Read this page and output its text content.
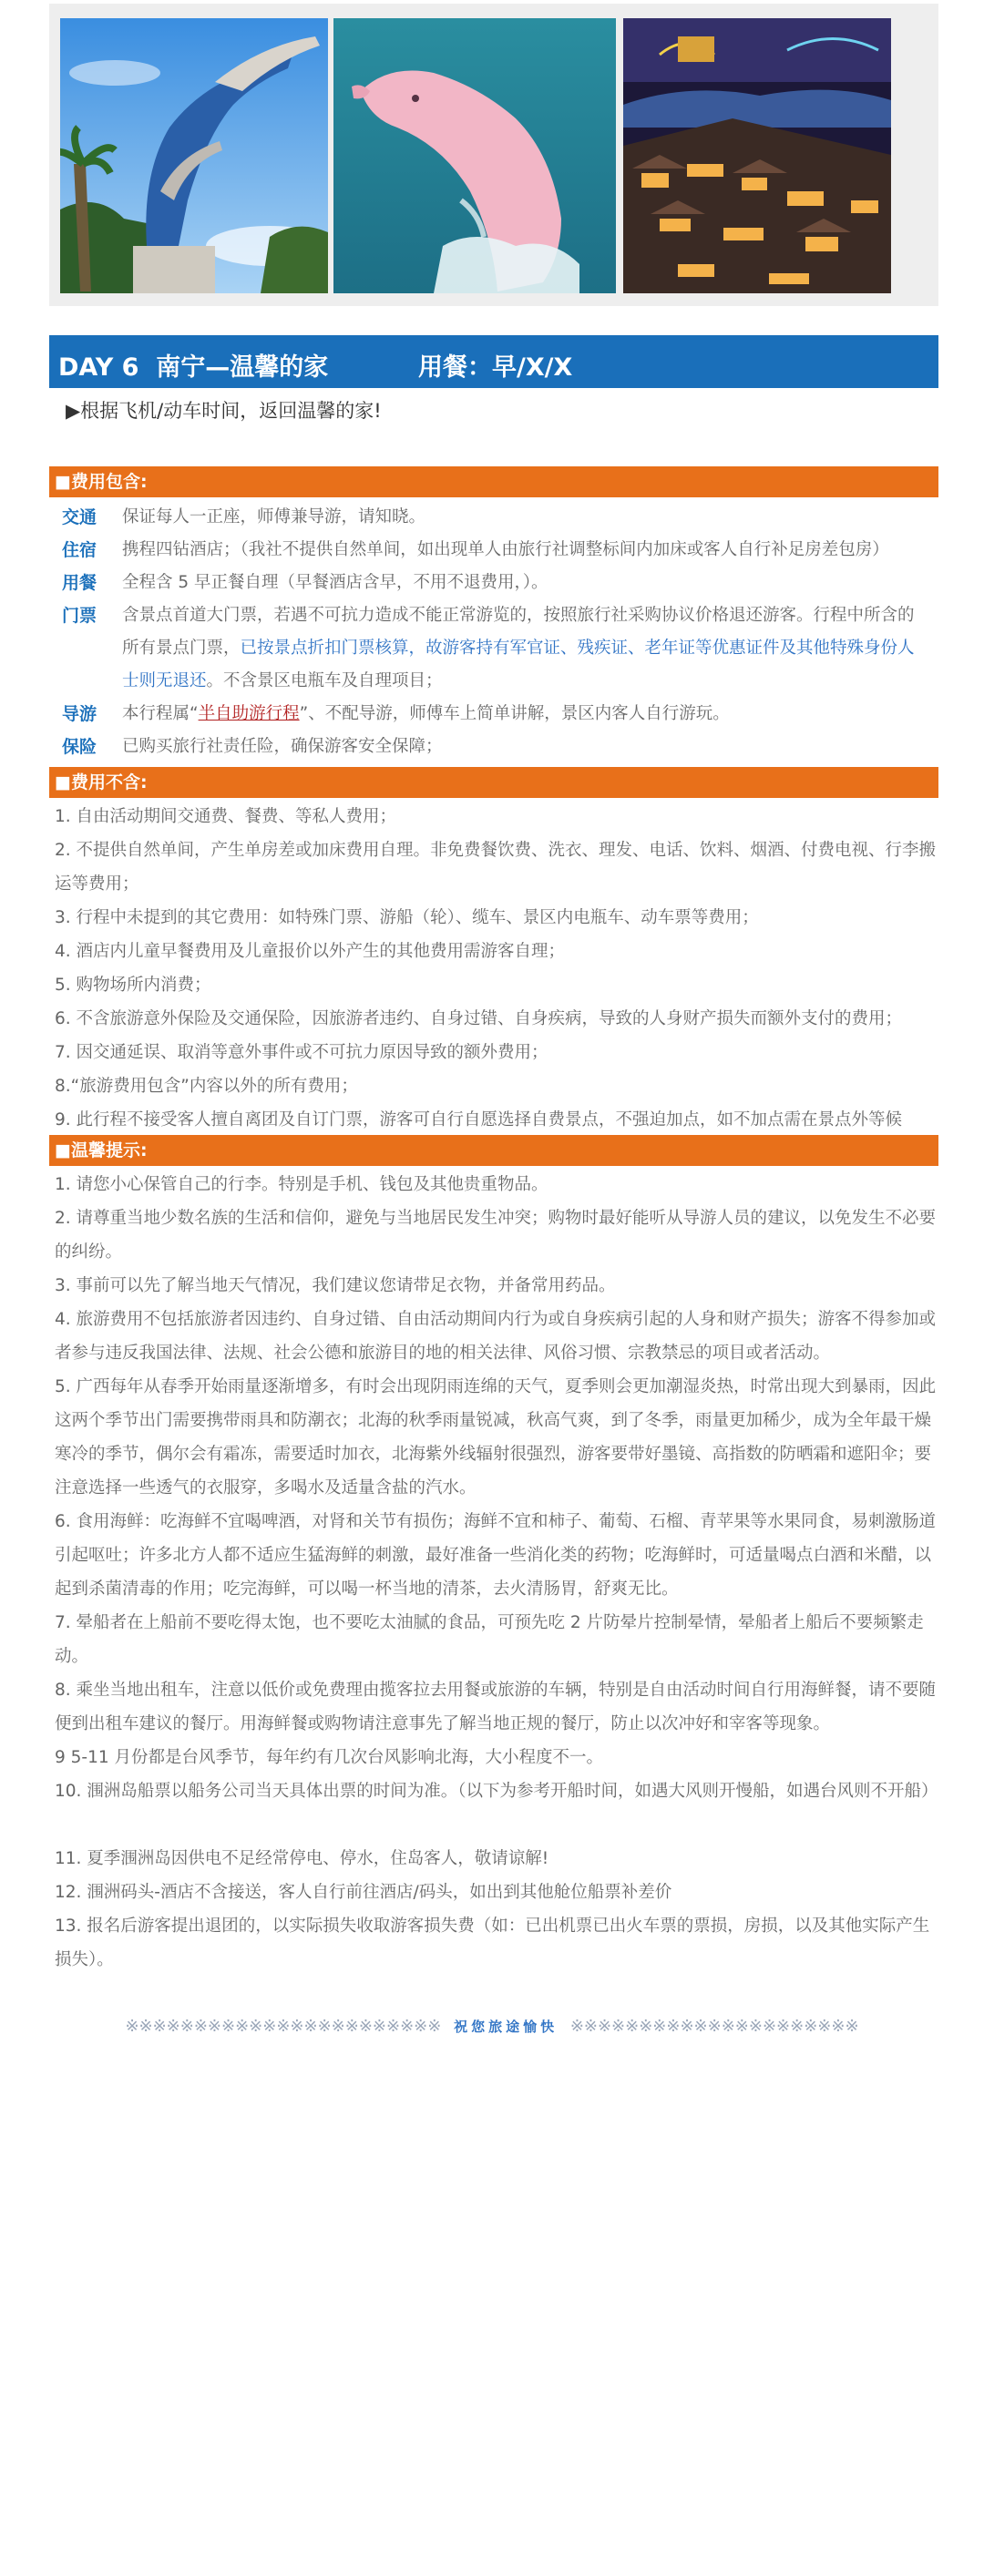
DAY 6  南宁—温馨的家	用餐：早/X/X
▶根据飞机/动车时间，返回温馨的家!
■费用包含:
交通	保证每人一正座，师傅兼导游，请知晓。
住宿	携程四钻酒店；（我社不提供自然单间，如出现单人由旅行社调整标间内加床或客人自行补足房差包房）
用餐	全程含 5 早正餐自理（早餐酒店含早，不用不退费用，）。
门票	含景点首道大门票，若遇不可抗力造成不能正常游览的，按照旅行社采购协议价格退还游客。行程中所含的所有景点门票，已按景点折扣门票核算，故游客持有军官证、残疾证、老年证等优惠证件及其他特殊身份人士则无退还。不含景区电瓶车及自理项目；
导游	本行程属“半自助游行程”、不配导游，师傅车上简单讲解，景区内客人自行游玩。
保险	已购买旅行社责任险，确保游客安全保障；
■费用不含:
1. 自由活动期间交通费、餐费、等私人费用；
2. 不提供自然单间，产生单房差或加床费用自理。非免费餐饮费、洗衣、理发、电话、饮料、烟酒、付费电视、行李搬运等费用；
3. 行程中未提到的其它费用：如特殊门票、游船（轮）、缆车、景区内电瓶车、动车票等费用；
4. 酒店内儿童早餐费用及儿童报价以外产生的其他费用需游客自理；
5. 购物场所内消费；
6. 不含旅游意外保险及交通保险，因旅游者违约、自身过错、自身疾病，导致的人身财产损失而额外支付的费用；
7. 因交通延误、取消等意外事件或不可抗力原因导致的额外费用；
8.“旅游费用包含”内容以外的所有费用；
9. 此行程不接受客人擅自离团及自订门票，游客可自行自愿选择自费景点，不强迫加点，如不加点需在景点外等候
■温馨提示:
1. 请您小心保管自己的行李。特别是手机、钱包及其他贵重物品。
2. 请尊重当地少数名族的生活和信仰，避免与当地居民发生冲突；购物时最好能听从导游人员的建议，以免发生不必要的纠纷。
3. 事前可以先了解当地天气情况，我们建议您请带足衣物，并备常用药品。
4. 旅游费用不包括旅游者因违约、自身过错、自由活动期间内行为或自身疾病引起的人身和财产损失；游客不得参加或者参与违反我国法律、法规、社会公德和旅游目的地的相关法律、风俗习惯、宗教禁忌的项目或者活动。
5. 广西每年从春季开始雨量逐渐增多，有时会出现阴雨连绵的天气，夏季则会更加潮湿炎热，时常出现大到暴雨，因此这两个季节出门需要携带雨具和防潮衣；北海的秋季雨量锐减，秋高气爽，到了冬季，雨量更加稀少，成为全年最干燥寒冷的季节，偶尔会有霜冻，需要适时加衣，北海紫外线辐射很强烈，游客要带好墨镜、高指数的防晒霜和遮阳伞；要注意选择一些透气的衣服穿，多喝水及适量含盐的汽水。
6. 食用海鲜：吃海鲜不宜喝啤酒，对肾和关节有损伤；海鲜不宜和柿子、葡萄、石榴、青苹果等水果同食，易刺激肠道引起呕吐；许多北方人都不适应生猛海鲜的刺激，最好准备一些消化类的药物；吃海鲜时，可适量喝点白酒和米醋，以起到杀菌清毒的作用；吃完海鲜，可以喝一杯当地的清茶，去火清肠胃，舒爽无比。
7. 晕船者在上船前不要吃得太饱，也不要吃太油腻的食品，可预先吃 2 片防晕片控制晕情，晕船者上船后不要频繁走动。
8. 乘坐当地出租车，注意以低价或免费理由揽客拉去用餐或旅游的车辆，特别是自由活动时间自行用海鲜餐，请不要随便到出租车建议的餐厅。用海鲜餐或购物请注意事先了解当地正规的餐厅，防止以次冲好和宰客等现象。
9 5-11 月份都是台风季节，每年约有几次台风影响北海，大小程度不一。
10. 涠洲岛船票以船务公司当天具体出票的时间为准。（以下为参考开船时间，如遇大风则开慢船，如遇台风则不开船）
11. 夏季涠洲岛因供电不足经常停电、停水，住岛客人，敬请谅解!
12. 涠洲码头-酒店不含接送，客人自行前往酒店/码头，如出到其他舱位船票补差价
13. 报名后游客提出退团的，以实际损失收取游客损失费（如：已出机票已出火车票的票损，房损，以及其他实际产生损失）。
※※※※※※※※※※※※※※※※※※※※※※※ 祝您旅途愉快 ※※※※※※※※※※※※※※※※※※※※※
